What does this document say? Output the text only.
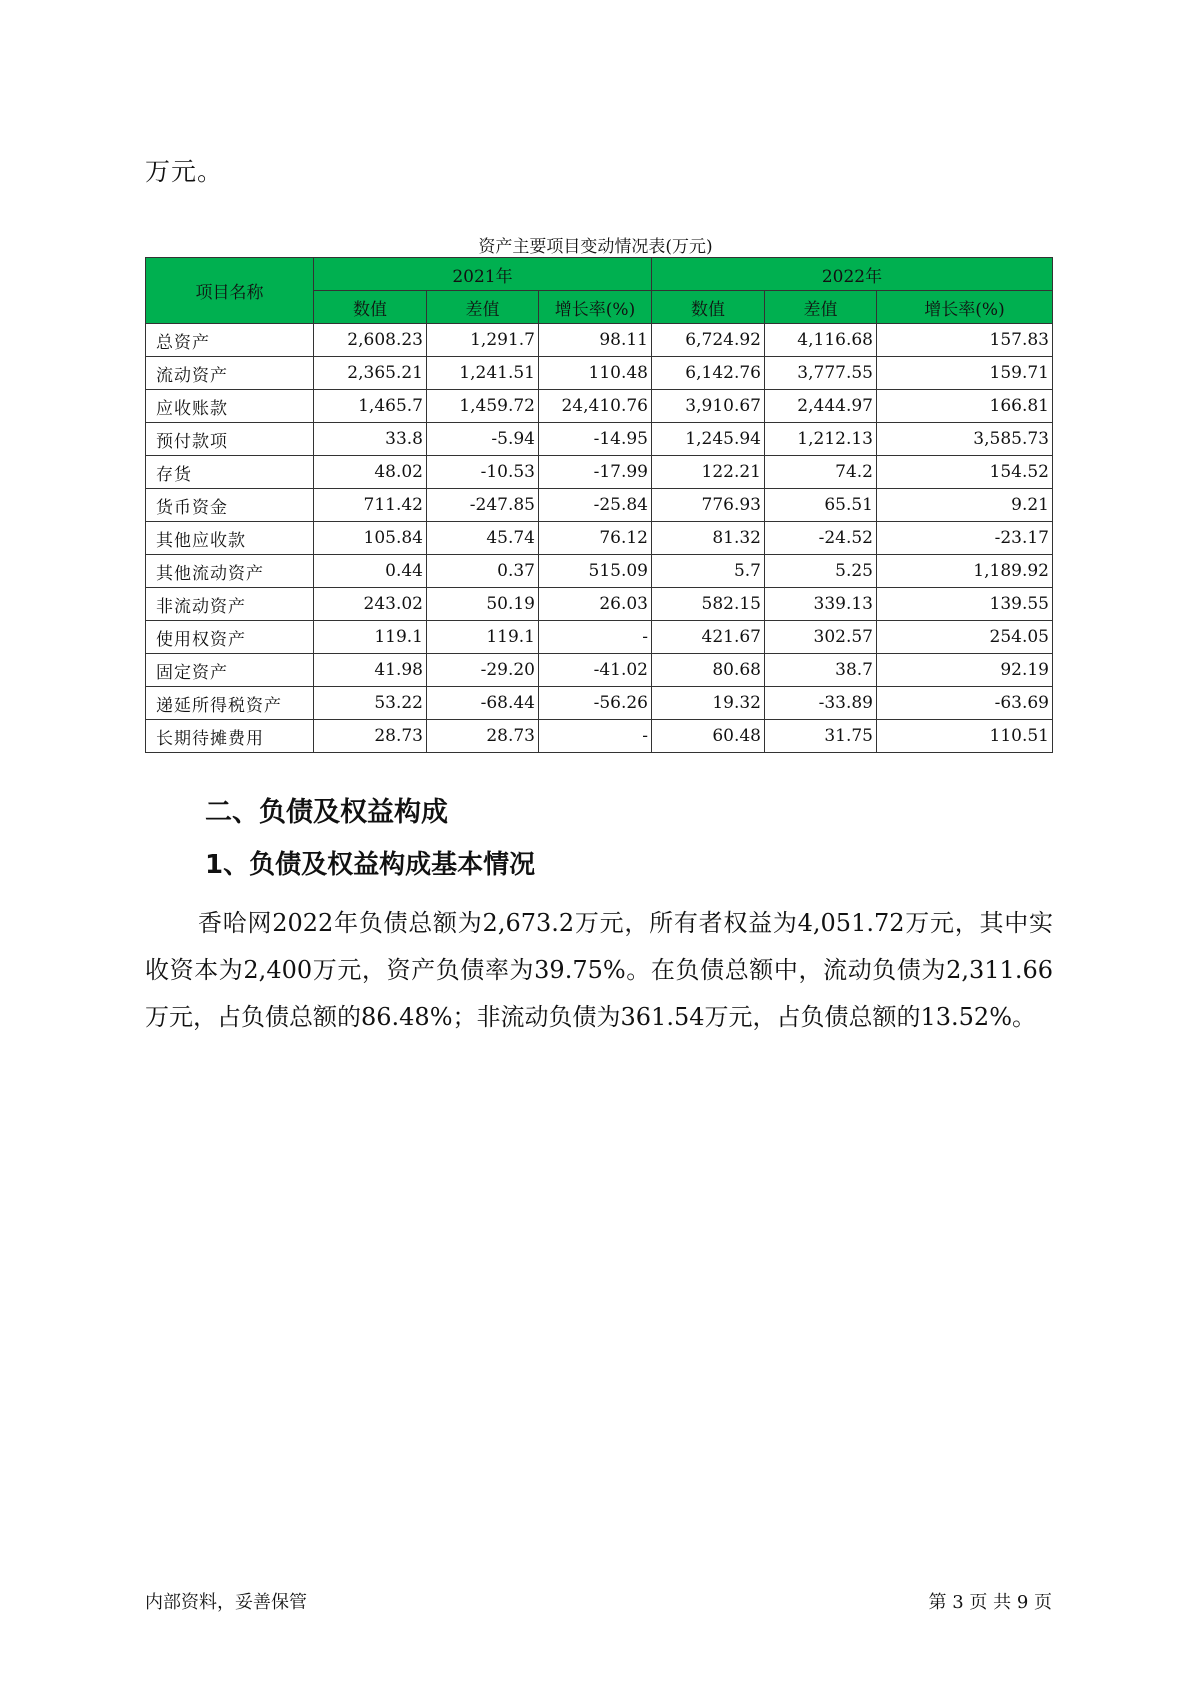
万元。
资产主要项目变动情况表(万元)
项目名称	2021年			2022年		
	数值	差值	增长率(%)	数值	差值	增长率(%)
总资产	2,608.23	1,291.7	98.11	6,724.92	4,116.68	157.83
流动资产	2,365.21	1,241.51	110.48	6,142.76	3,777.55	159.71
应收账款	1,465.7	1,459.72	24,410.76	3,910.67	2,444.97	166.81
预付款项	33.8	-5.94	-14.95	1,245.94	1,212.13	3,585.73
存货	48.02	-10.53	-17.99	122.21	74.2	154.52
货币资金	711.42	-247.85	-25.84	776.93	65.51	9.21
其他应收款	105.84	45.74	76.12	81.32	-24.52	-23.17
其他流动资产	0.44	0.37	515.09	5.7	5.25	1,189.92
非流动资产	243.02	50.19	26.03	582.15	339.13	139.55
使用权资产	119.1	119.1	-	421.67	302.57	254.05
固定资产	41.98	-29.20	-41.02	80.68	38.7	92.19
递延所得税资产	53.22	-68.44	-56.26	19.32	-33.89	-63.69
长期待摊费用	28.73	28.73	-	60.48	31.75	110.51
二、负债及权益构成
1、负债及权益构成基本情况

香哈网2022年负债总额为2,673.2万元，所有者权益为4,051.72万元，其中实收资本为2,400万元，资产负债率为39.75%。在负债总额中，流动负债为2,311.66万元，占负债总额的86.48%；非流动负债为361.54万元，占负债总额的13.52%。

内部资料，妥善保管	第 3 页 共 9 页
